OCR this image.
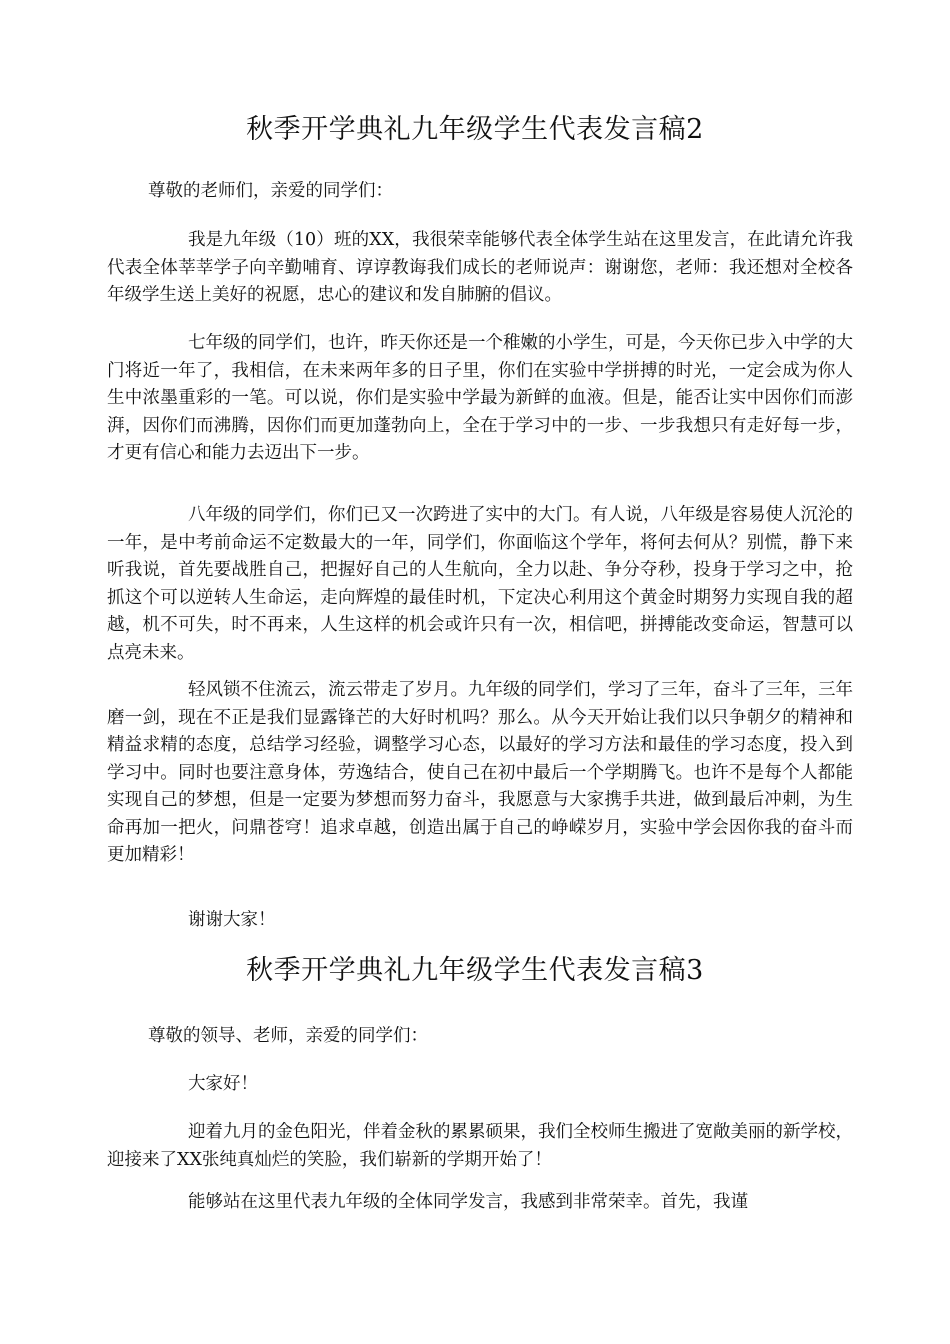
秋季开学典礼九年级学生代表发言稿2

尊敬的老师们，亲爱的同学们：

我是九年级（10）班的XX，我很荣幸能够代表全体学生站在这里发言，在此请允许我代表全体莘莘学子向辛勤哺育、谆谆教诲我们成长的老师说声：谢谢您，老师：我还想对全校各年级学生送上美好的祝愿，忠心的建议和发自肺腑的倡议。

七年级的同学们，也许，昨天你还是一个稚嫩的小学生，可是，今天你已步入中学的大门将近一年了，我相信，在未来两年多的日子里，你们在实验中学拼搏的时光，一定会成为你人生中浓墨重彩的一笔。可以说，你们是实验中学最为新鲜的血液。但是，能否让实中因你们而澎湃，因你们而沸腾，因你们而更加蓬勃向上，全在于学习中的一步、一步我想只有走好每一步，才更有信心和能力去迈出下一步。

八年级的同学们，你们已又一次跨进了实中的大门。有人说，八年级是容易使人沉沦的一年，是中考前命运不定数最大的一年，同学们，你面临这个学年，将何去何从？别慌，静下来听我说，首先要战胜自己，把握好自己的人生航向，全力以赴、争分夺秒，投身于学习之中，抢抓这个可以逆转人生命运，走向辉煌的最佳时机，下定决心利用这个黄金时期努力实现自我的超越，机不可失，时不再来，人生这样的机会或许只有一次，相信吧，拼搏能改变命运，智慧可以点亮未来。

轻风锁不住流云，流云带走了岁月。九年级的同学们，学习了三年，奋斗了三年，三年磨一剑，现在不正是我们显露锋芒的大好时机吗？那么。从今天开始让我们以只争朝夕的精神和精益求精的态度，总结学习经验，调整学习心态，以最好的学习方法和最佳的学习态度，投入到学习中。同时也要注意身体，劳逸结合，使自己在初中最后一个学期腾飞。也许不是每个人都能实现自己的梦想，但是一定要为梦想而努力奋斗，我愿意与大家携手共进，做到最后冲刺，为生命再加一把火，问鼎苍穹！追求卓越，创造出属于自己的峥嵘岁月，实验中学会因你我的奋斗而更加精彩！

谢谢大家！

秋季开学典礼九年级学生代表发言稿3

尊敬的领导、老师，亲爱的同学们：

大家好！

迎着九月的金色阳光，伴着金秋的累累硕果，我们全校师生搬进了宽敞美丽的新学校，迎接来了XX张纯真灿烂的笑脸，我们崭新的学期开始了！

能够站在这里代表九年级的全体同学发言，我感到非常荣幸。首先，我谨
